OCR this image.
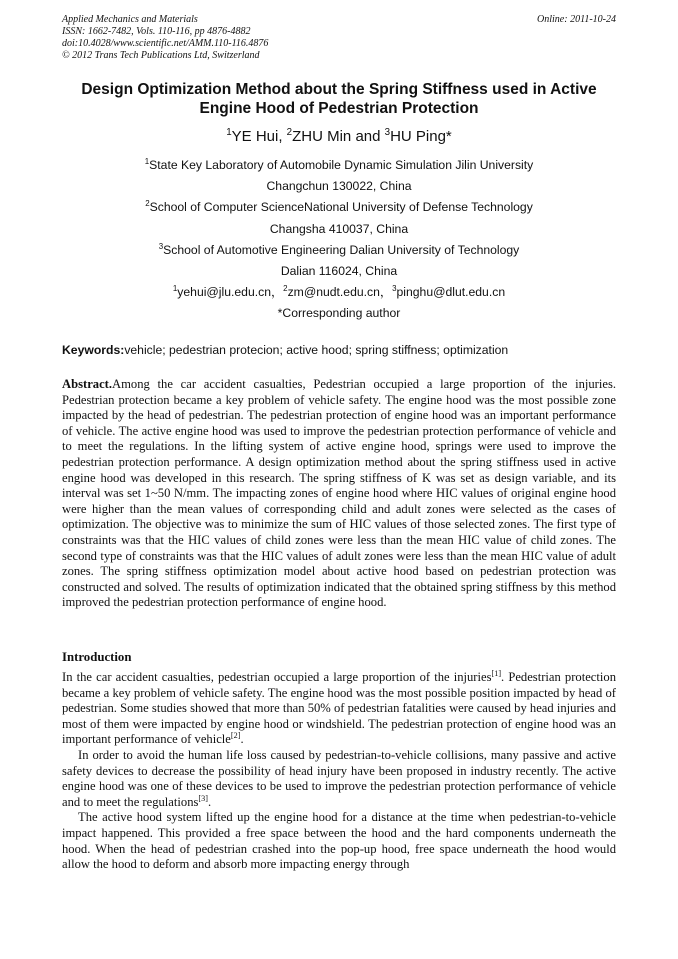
Applied Mechanics and Materials
ISSN: 1662-7482, Vols. 110-116, pp 4876-4882
doi:10.4028/www.scientific.net/AMM.110-116.4876
© 2012 Trans Tech Publications Ltd, Switzerland
Online: 2011-10-24
Design Optimization Method about the Spring Stiffness used in Active Engine Hood of Pedestrian Protection
$^1$YE Hui, $^2$ZHU Min and $^3$HU Ping*
$^1$State Key Laboratory of Automobile Dynamic Simulation Jilin University
Changchun 130022, China
$^2$School of Computer ScienceNational University of Defense Technology
Changsha 410037, China
$^3$School of Automotive Engineering Dalian University of Technology
Dalian 116024, China
$^1$yehui@jlu.edu.cn，$^2$zm@nudt.edu.cn，$^3$pinghu@dlut.edu.cn
*Corresponding author
Keywords:vehicle; pedestrian protecion; active hood; spring stiffness; optimization
Abstract.Among the car accident casualties, Pedestrian occupied a large proportion of the injuries. Pedestrian protection became a key problem of vehicle safety. The engine hood was the most possible zone impacted by the head of pedestrian. The pedestrian protection of engine hood was an important performance of vehicle. The active engine hood was used to improve the pedestrian protection performance of vehicle and to meet the regulations. In the lifting system of active engine hood, springs were used to improve the pedestrian protection performance. A design optimization method about the spring stiffness used in active engine hood was developed in this research. The spring stiffness of K was set as design variable, and its interval was set 1~50 N/mm. The impacting zones of engine hood where HIC values of original engine hood were higher than the mean values of corresponding child and adult zones were selected as the cases of optimization. The objective was to minimize the sum of HIC values of those selected zones. The first type of constraints was that the HIC values of child zones were less than the mean HIC value of child zones. The second type of constraints was that the HIC values of adult zones were less than the mean HIC value of adult zones. The spring stiffness optimization model about active hood based on pedestrian protection was constructed and solved. The results of optimization indicated that the obtained spring stiffness by this method improved the pedestrian protection performance of engine hood.
Introduction

In the car accident casualties, pedestrian occupied a large proportion of the injuries[1]. Pedestrian protection became a key problem of vehicle safety. The engine hood was the most possible position impacted by head of pedestrian. Some studies showed that more than 50% of pedestrian fatalities were caused by head injuries and most of them were impacted by engine hood or windshield. The pedestrian protection of engine hood was an important performance of vehicle[2].

In order to avoid the human life loss caused by pedestrian-to-vehicle collisions, many passive and active safety devices to decrease the possibility of head injury have been proposed in industry recently. The active engine hood was one of these devices to be used to improve the pedestrian protection performance of vehicle and to meet the regulations[3].

The active hood system lifted up the engine hood for a distance at the time when pedestrian-to-vehicle impact happened. This provided a free space between the hood and the hard components underneath the hood. When the head of pedestrian crashed into the pop-up hood, free space underneath the hood would allow the hood to deform and absorb more impacting energy through
